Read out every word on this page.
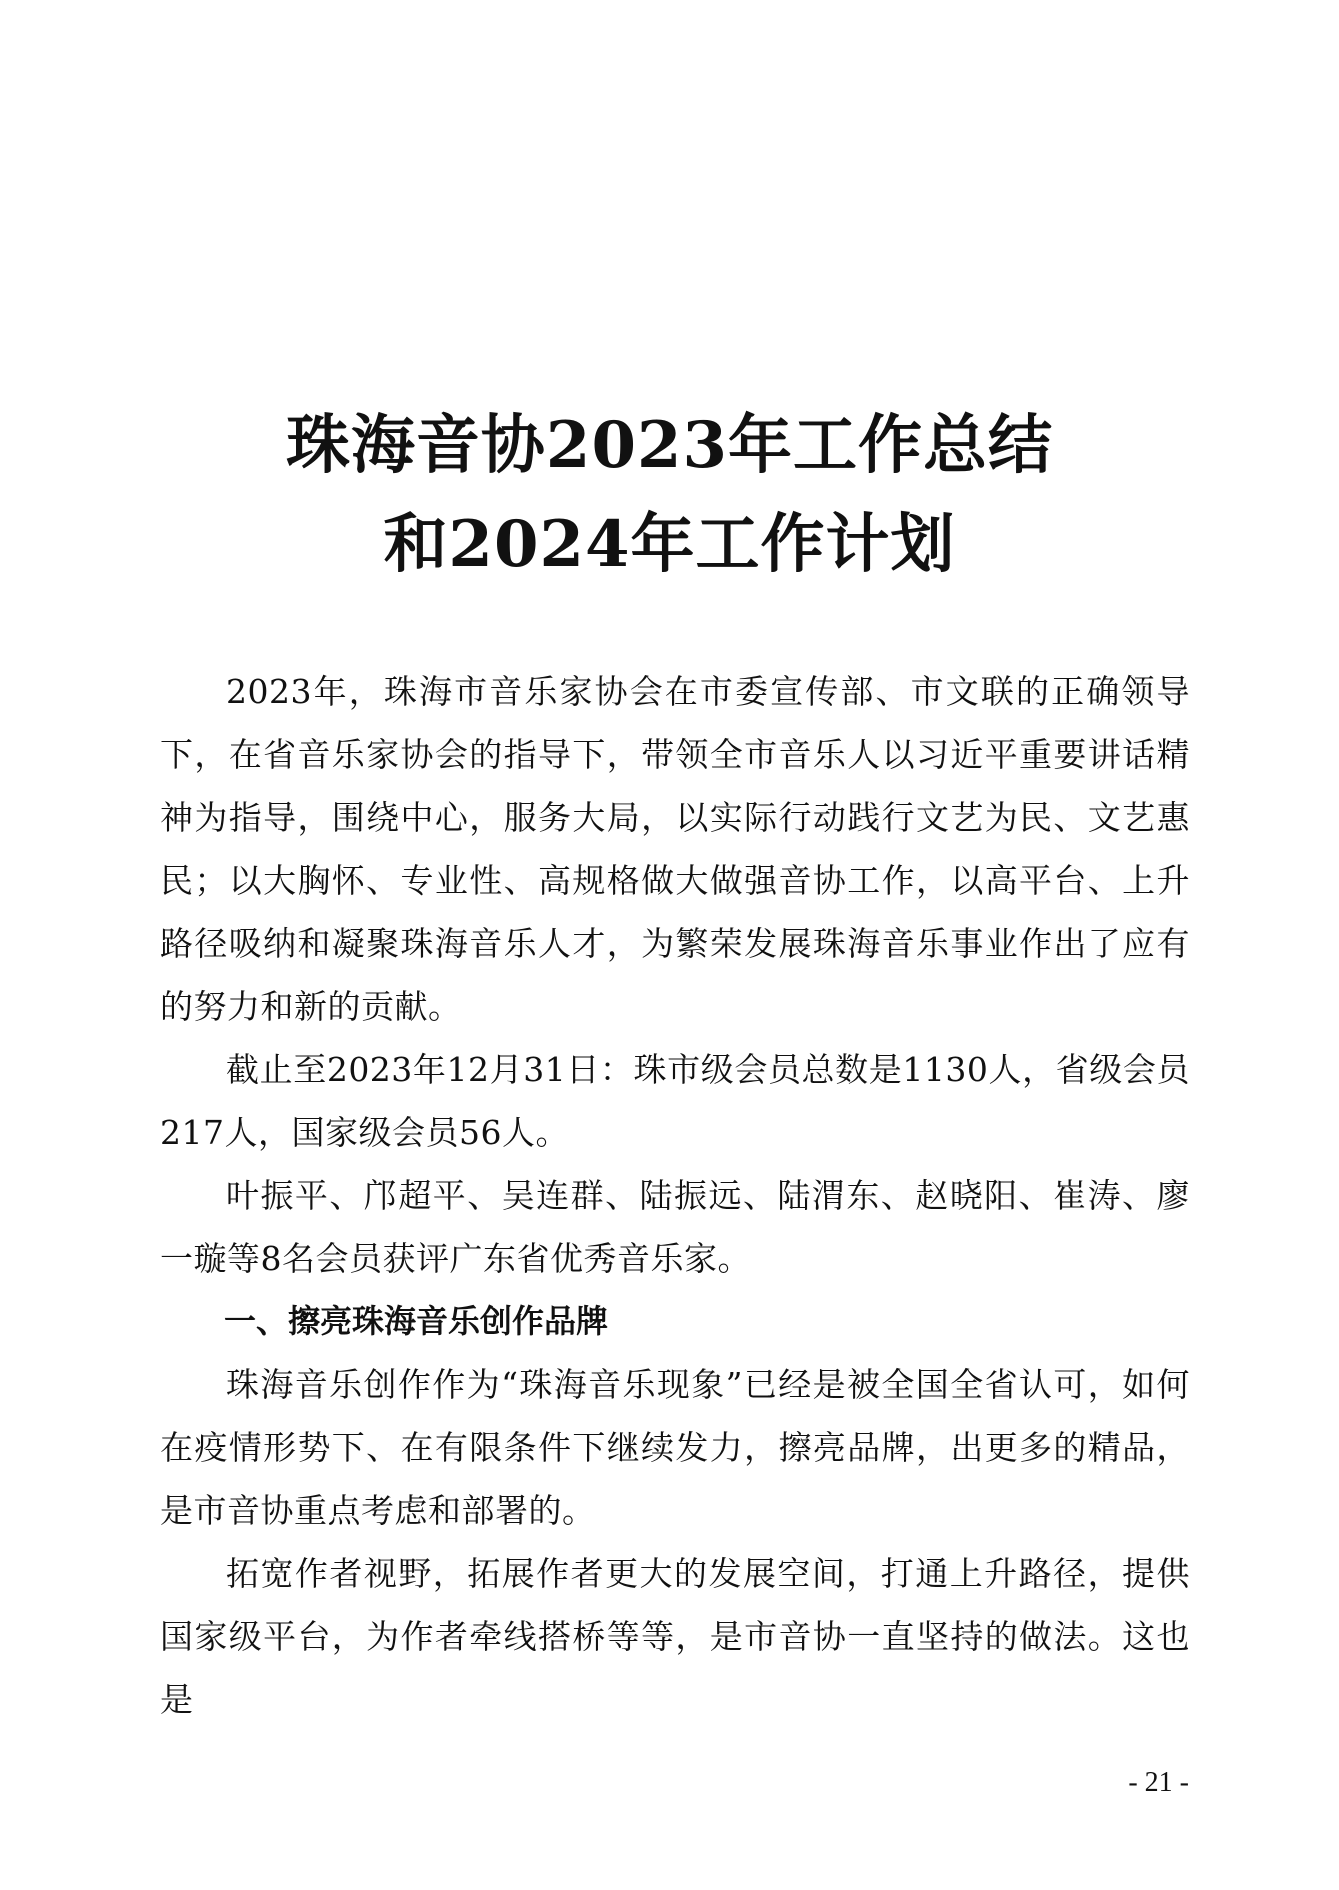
珠海音协2023年工作总结
和2024年工作计划

2023年，珠海市音乐家协会在市委宣传部、市文联的正确领导下，在省音乐家协会的指导下，带领全市音乐人以习近平重要讲话精神为指导，围绕中心，服务大局，以实际行动践行文艺为民、文艺惠民；以大胸怀、专业性、高规格做大做强音协工作，以高平台、上升路径吸纳和凝聚珠海音乐人才，为繁荣发展珠海音乐事业作出了应有的努力和新的贡献。

截止至2023年12月31日：珠市级会员总数是1130人，省级会员217人，国家级会员56人。

叶振平、邝超平、吴连群、陆振远、陆渭东、赵晓阳、崔涛、廖一璇等8名会员获评广东省优秀音乐家。

一、擦亮珠海音乐创作品牌

珠海音乐创作作为“珠海音乐现象”已经是被全国全省认可，如何在疫情形势下、在有限条件下继续发力，擦亮品牌，出更多的精品，是市音协重点考虑和部署的。

拓宽作者视野，拓展作者更大的发展空间，打通上升路径，提供国家级平台，为作者牵线搭桥等等，是市音协一直坚持的做法。这也是

- 21 -
